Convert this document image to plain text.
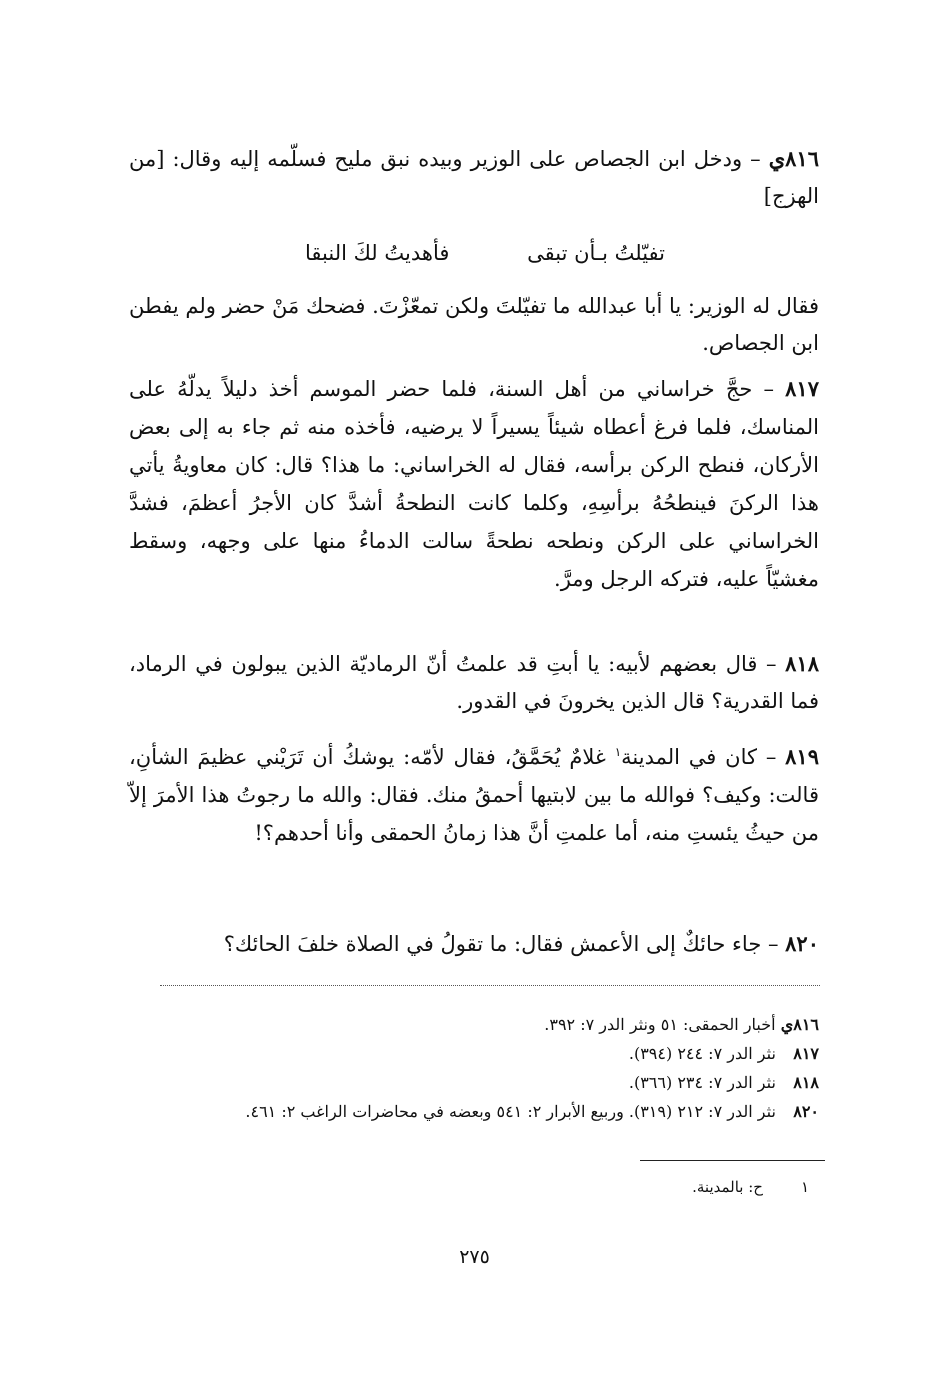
٨١٦ي – ودخل ابن الجصاص على الوزير وبيده نبق مليح فسلّمه إليه وقال: [من الهزج]

تفيّلتُ بـأن تبقى
فأهديتُ لكَ النبقا

فقال له الوزير: يا أبا عبدالله ما تفيّلتَ ولكن تمعّزْتَ. فضحك مَنْ حضر ولم يفطن ابن الجصاص.

٨١٧ – حجَّ خراساني من أهل السنة، فلما حضر الموسم أخذ دليلاً يدلّهُ على المناسك، فلما فرغ أعطاه شيئاً يسيراً لا يرضيه، فأخذه منه ثم جاء به إلى بعض الأركان، فنطح الركن برأسه، فقال له الخراساني: ما هذا؟ قال: كان معاويةُ يأتي هذا الركنَ فينطحُهُ برأسِهِ، وكلما كانت النطحةُ أشدَّ كان الأجرُ أعظمَ، فشدَّ الخراساني على الركن ونطحه نطحةً سالت الدماءُ منها على وجهه، وسقط مغشيّاً عليه، فتركه الرجل ومرَّ.

٨١٨ – قال بعضهم لأبيه: يا أبتِ قد علمتُ أنّ الرماديّة الذين يبولون في الرماد، فما القدرية؟ قال الذين يخرونَ في القدور.

٨١٩ – كان في المدينة$^١$ غلامٌ يُحَمَّقُ، فقال لأمّه: يوشكُ أن تَرَيْني عظيمَ الشأنِ، قالت: وكيف؟ فوالله ما بين لابتيها أحمقُ منك. فقال: والله ما رجوتُ هذا الأمرَ إلاّ من حيثُ يئستِ منه، أما علمتِ أنَّ هذا زمانُ الحمقى وأنا أحدهم؟!

٨٢٠ – جاء حائكٌ إلى الأعمش فقال: ما تقولُ في الصلاة خلفَ الحائك؟

٨١٦ي أخبار الحمقى: ٥١ ونثر الدر ٧: ٣٩٢.
٨١٧ نثر الدر ٧: ٢٤٤ (٣٩٤).
٨١٨ نثر الدر ٧: ٢٣٤ (٣٦٦).
٨٢٠ نثر الدر ٧: ٢١٢ (٣١٩). وربيع الأبرار ٢: ٥٤١ وبعضه في محاضرات الراغب ٢: ٤٦١.
١ح: بالمدينة.
٢٧٥
